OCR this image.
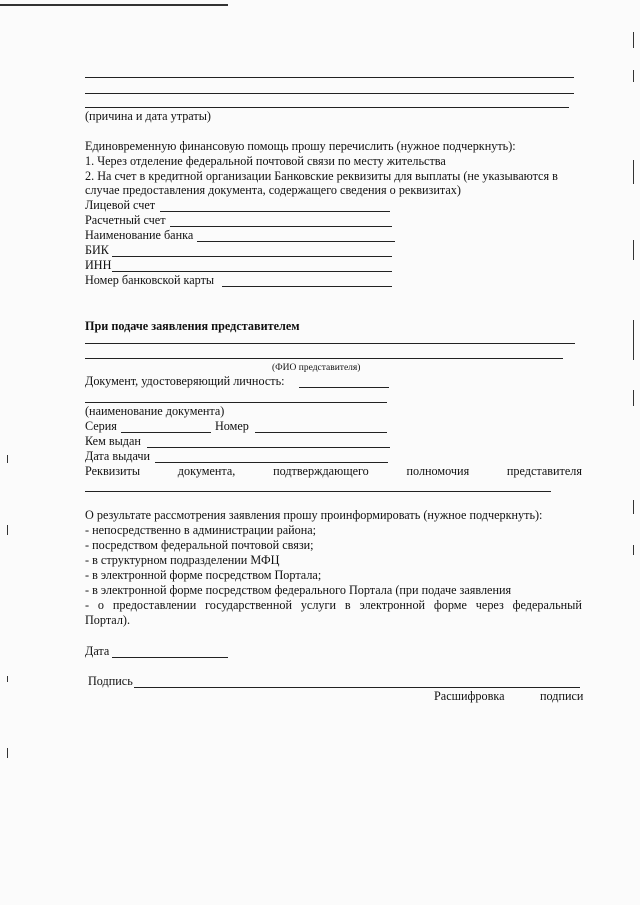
(причина и дата утраты)
Единовременную финансовую помощь прошу перечислить (нужное подчеркнуть):
1. Через отделение федеральной почтовой связи по месту жительства
2. На счет в кредитной организации Банковские реквизиты для выплаты (не указываются в
случае предоставления документа, содержащего сведения о реквизитах)
Лицевой счет
Расчетный счет
Наименование банка
БИК
ИНН
Номер банковской карты
При подаче заявления представителем
(ФИО представителя)
Документ, удостоверяющий личность:
(наименование документа)
Серия	Номер
Кем выдан
Дата выдачи
Реквизиты	документа,	подтверждающего	полномочия	представителя
О результате рассмотрения заявления прошу проинформировать (нужное подчеркнуть):
- непосредственно в администрации района;
- посредством федеральной почтовой связи;
- в структурном подразделении МФЦ
- в электронной форме посредством Портала;
- в электронной форме посредством федерального Портала (при подаче заявления
- о предоставлении государственной услуги в электронной форме через федеральный
Портал).
Дата
Подпись
Расшифровка	подписи
